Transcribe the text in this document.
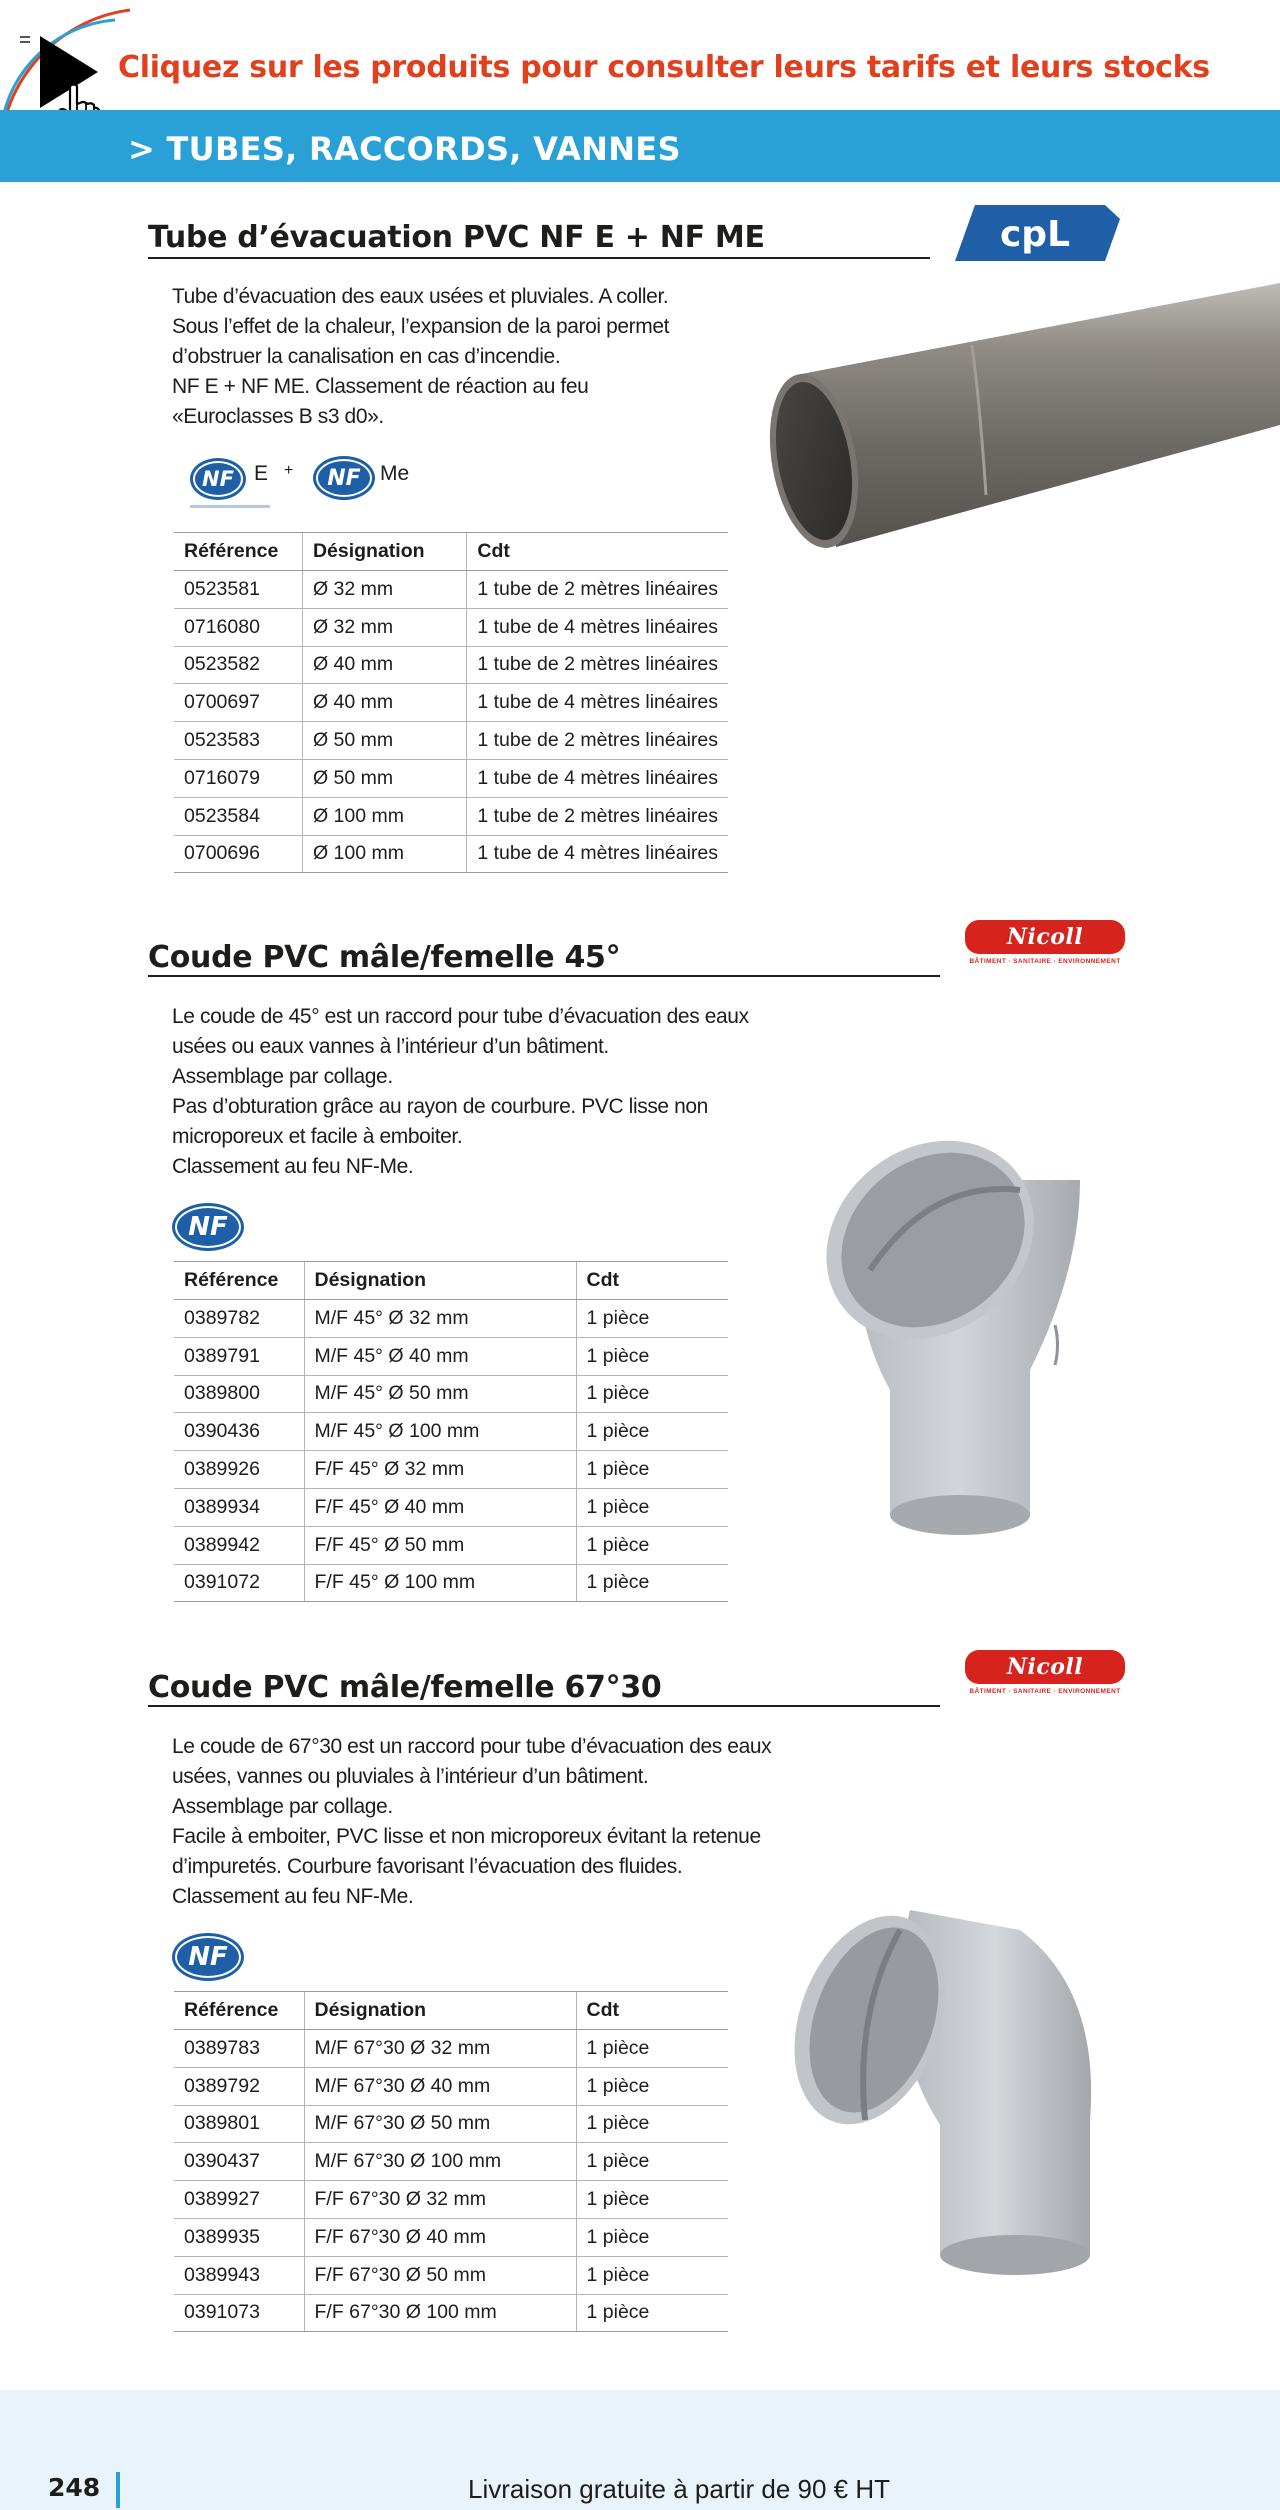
Cliquez sur les produits pour consulter leurs tarifs et leurs stocks
> TUBES, RACCORDS, VANNES
Tube d’évacuation PVC NF E + NF ME	cpL
Tube d’évacuation des eaux usées et pluviales. A coller.
Sous l’effet de la chaleur, l’expansion de la paroi permet
d’obstruer la canalisation en cas d’incendie.
NF E + NF ME. Classement de réaction au feu
«Euroclasses B s3 d0».
NF E + NF Me
Référence	Désignation	Cdt
0523581	Ø 32 mm	1 tube de 2 mètres linéaires
0716080	Ø 32 mm	1 tube de 4 mètres linéaires
0523582	Ø 40 mm	1 tube de 2 mètres linéaires
0700697	Ø 40 mm	1 tube de 4 mètres linéaires
0523583	Ø 50 mm	1 tube de 2 mètres linéaires
0716079	Ø 50 mm	1 tube de 4 mètres linéaires
0523584	Ø 100 mm	1 tube de 2 mètres linéaires
0700696	Ø 100 mm	1 tube de 4 mètres linéaires
Coude PVC mâle/femelle 45°
Nicoll
BÂTIMENT · SANITAIRE · ENVIRONNEMENT
Le coude de 45° est un raccord pour tube d’évacuation des eaux
usées ou eaux vannes à l’intérieur d’un bâtiment.
Assemblage par collage.
Pas d’obturation grâce au rayon de courbure. PVC lisse non
microporeux et facile à emboiter.
Classement au feu NF-Me.
NF
Référence	Désignation	Cdt
0389782	M/F 45° Ø 32 mm	1 pièce
0389791	M/F 45° Ø 40 mm	1 pièce
0389800	M/F 45° Ø 50 mm	1 pièce
0390436	M/F 45° Ø 100 mm	1 pièce
0389926	F/F 45° Ø 32 mm	1 pièce
0389934	F/F 45° Ø 40 mm	1 pièce
0389942	F/F 45° Ø 50 mm	1 pièce
0391072	F/F 45° Ø 100 mm	1 pièce
Coude PVC mâle/femelle 67°30
Nicoll
BÂTIMENT · SANITAIRE · ENVIRONNEMENT
Le coude de 67°30 est un raccord pour tube d’évacuation des eaux
usées, vannes ou pluviales à l’intérieur d’un bâtiment.
Assemblage par collage.
Facile à emboiter, PVC lisse et non microporeux évitant la retenue
d’impuretés. Courbure favorisant l’évacuation des fluides.
Classement au feu NF-Me.
NF
Référence	Désignation	Cdt
0389783	M/F 67°30 Ø 32 mm	1 pièce
0389792	M/F 67°30 Ø 40 mm	1 pièce
0389801	M/F 67°30 Ø 50 mm	1 pièce
0390437	M/F 67°30 Ø 100 mm	1 pièce
0389927	F/F 67°30 Ø 32 mm	1 pièce
0389935	F/F 67°30 Ø 40 mm	1 pièce
0389943	F/F 67°30 Ø 50 mm	1 pièce
0391073	F/F 67°30 Ø 100 mm	1 pièce
248	Livraison gratuite à partir de 90 € HT
